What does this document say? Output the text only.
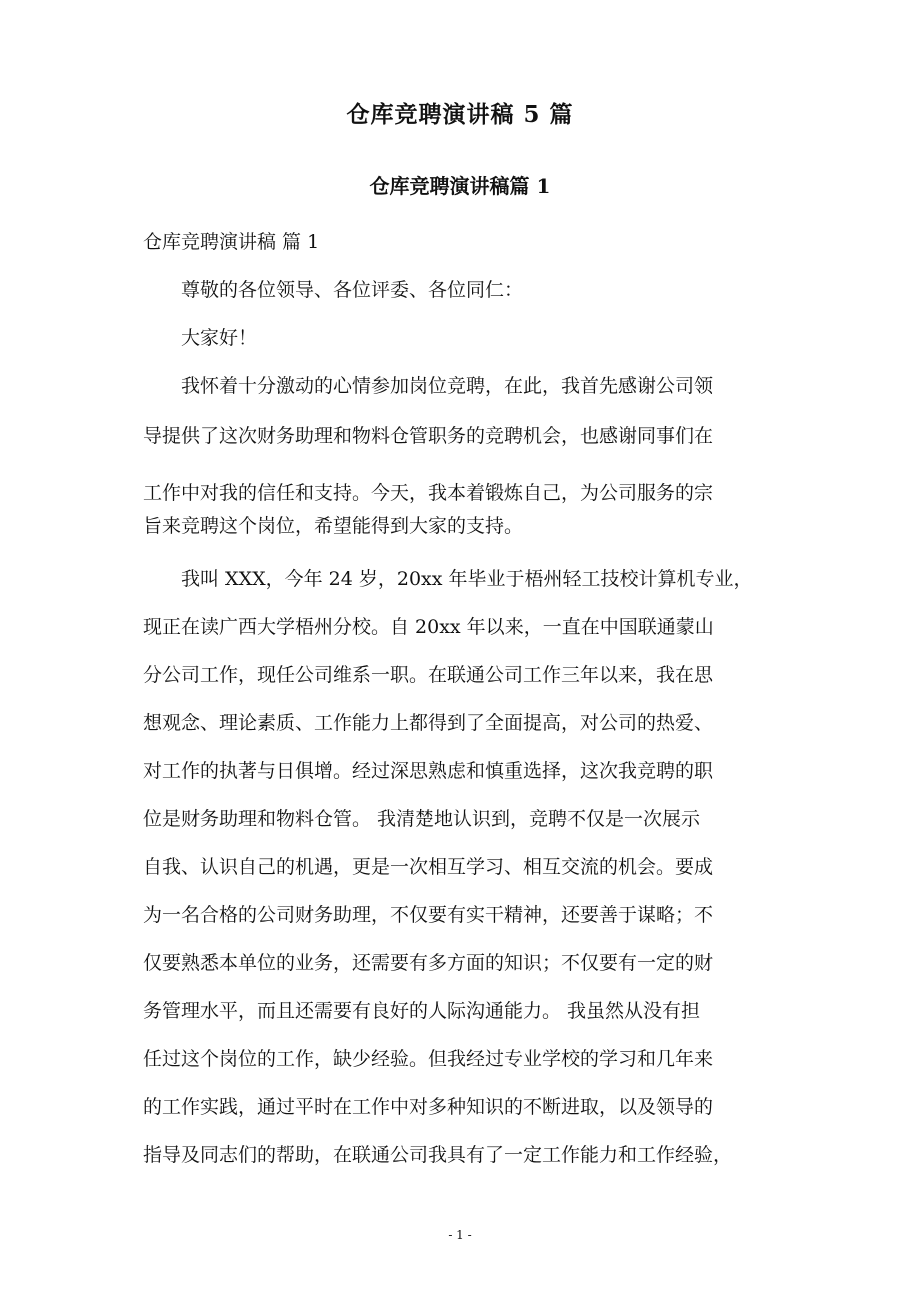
仓库竞聘演讲稿 5 篇
仓库竞聘演讲稿篇 1

仓库竞聘演讲稿 篇 1

尊敬的各位领导、各位评委、各位同仁：

大家好！

我怀着十分激动的心情参加岗位竞聘，在此，我首先感谢公司领

导提供了这次财务助理和物料仓管职务的竞聘机会，也感谢同事们在

工作中对我的信任和支持。今天，我本着锻炼自己，为公司服务的宗

旨来竞聘这个岗位，希望能得到大家的支持。

我叫 XXX，今年 24 岁，20xx 年毕业于梧州轻工技校计算机专业，

现正在读广西大学梧州分校。自 20xx 年以来，一直在中国联通蒙山

分公司工作，现任公司维系一职。在联通公司工作三年以来，我在思

想观念、理论素质、工作能力上都得到了全面提高，对公司的热爱、

对工作的执著与日俱增。经过深思熟虑和慎重选择，这次我竞聘的职

位是财务助理和物料仓管。 我清楚地认识到，竞聘不仅是一次展示

自我、认识自己的机遇，更是一次相互学习、相互交流的机会。要成

为一名合格的公司财务助理，不仅要有实干精神，还要善于谋略；不

仅要熟悉本单位的业务，还需要有多方面的知识；不仅要有一定的财

务管理水平，而且还需要有良好的人际沟通能力。 我虽然从没有担

任过这个岗位的工作，缺少经验。但我经过专业学校的学习和几年来

的工作实践，通过平时在工作中对多种知识的不断进取，以及领导的

指导及同志们的帮助，在联通公司我具有了一定工作能力和工作经验，

- 1 -
